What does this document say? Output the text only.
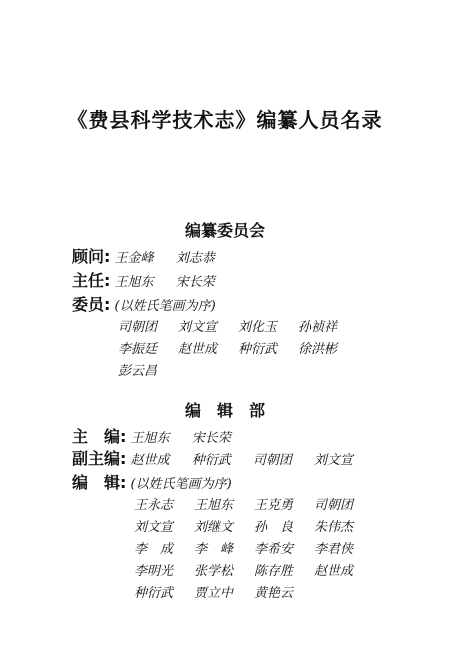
《费县科学技术志》编纂人员名录
编纂委员会
顾问: 王金峰 刘志恭
主任: 王旭东 宋长荣
委员: (以姓氏笔画为序)
司朝团 刘文宣 刘化玉 孙祯祥
李振廷 赵世成 种衍武 徐洪彬
彭云昌
编　辑　部
主　编: 王旭东 宋长荣
副主编: 赵世成 种衍武 司朝团 刘文宣
编　辑: (以姓氏笔画为序)
王永志 王旭东 王克勇 司朝团
刘文宣 刘继文 孙　良 朱伟杰
李　成 李　峰 李希安 李君侠
李明光 张学松 陈存胜 赵世成
种衍武 贾立中 黄艳云
